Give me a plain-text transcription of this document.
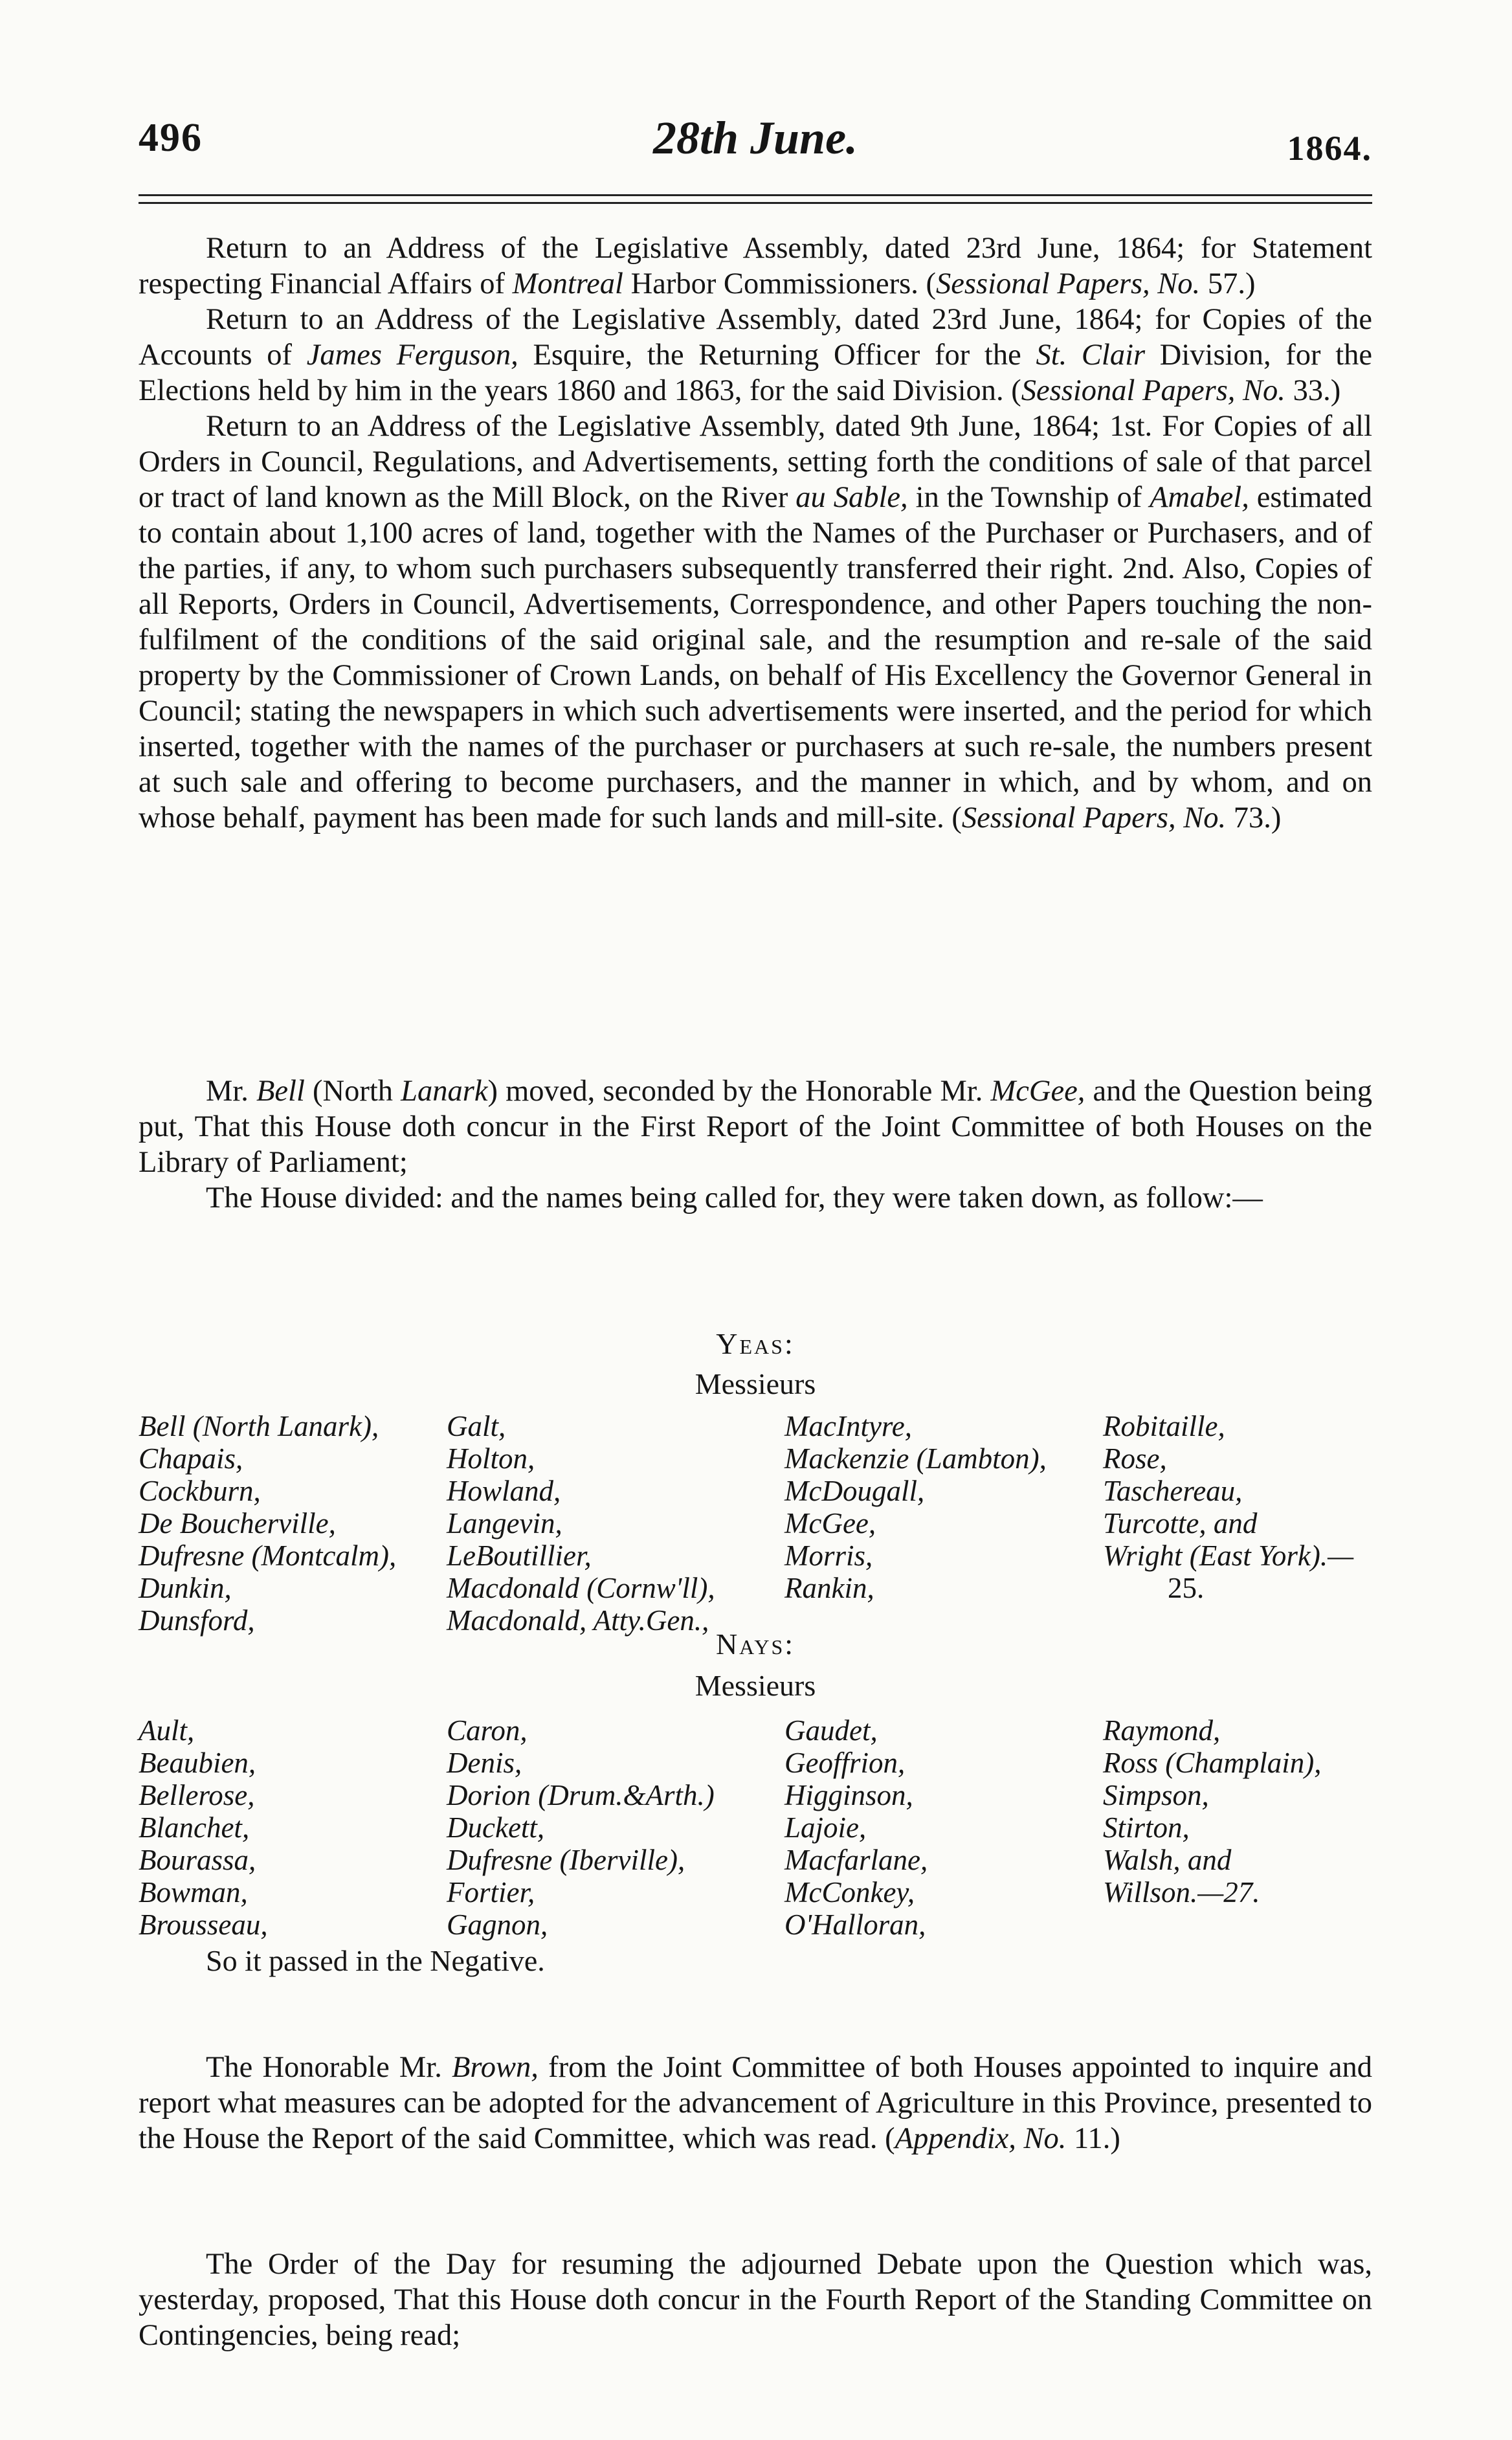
496	28th June.	1864.

Return to an Address of the Legislative Assembly, dated 23rd June, 1864; for Statement respecting Financial Affairs of Montreal Harbor Commissioners. (Sessional Papers, No. 57.)

Return to an Address of the Legislative Assembly, dated 23rd June, 1864; for Copies of the Accounts of James Ferguson, Esquire, the Returning Officer for the St. Clair Division, for the Elections held by him in the years 1860 and 1863, for the said Division. (Sessional Papers, No. 33.)

Return to an Address of the Legislative Assembly, dated 9th June, 1864; 1st. For Copies of all Orders in Council, Regulations, and Advertisements, setting forth the conditions of sale of that parcel or tract of land known as the Mill Block, on the River au Sable, in the Township of Amabel, estimated to contain about 1,100 acres of land, together with the Names of the Purchaser or Purchasers, and of the parties, if any, to whom such purchasers subsequently transferred their right. 2nd. Also, Copies of all Reports, Orders in Council, Advertisements, Correspondence, and other Papers touching the non-fulfilment of the conditions of the said original sale, and the resumption and re-sale of the said property by the Commissioner of Crown Lands, on behalf of His Excellency the Governor General in Council; stating the newspapers in which such advertisements were inserted, and the period for which inserted, together with the names of the purchaser or purchasers at such re-sale, the numbers present at such sale and offering to become purchasers, and the manner in which, and by whom, and on whose behalf, payment has been made for such lands and mill-site. (Sessional Papers, No. 73.)

Mr. Bell (North Lanark) moved, seconded by the Honorable Mr. McGee, and the Question being put, That this House doth concur in the First Report of the Joint Committee of both Houses on the Library of Parliament;

The House divided: and the names being called for, they were taken down, as follow:—

Yeas:
Messieurs
Bell (North Lanark),
Chapais,
Cockburn,
De Boucherville,
Dufresne (Montcalm),
Dunkin,
Dunsford,
Galt,
Holton,
Howland,
Langevin,
LeBoutillier,
Macdonald (Cornw'll),
Macdonald, Atty.Gen.,
MacIntyre,
Mackenzie (Lambton),
McDougall,
McGee,
Morris,
Rankin,
Robitaille,
Rose,
Taschereau,
Turcotte, and
Wright (East York).—
25.
Nays:
Messieurs
Ault,
Beaubien,
Bellerose,
Blanchet,
Bourassa,
Bowman,
Brousseau,
Caron,
Denis,
Dorion (Drum.&Arth.)
Duckett,
Dufresne (Iberville),
Fortier,
Gagnon,
Gaudet,
Geoffrion,
Higginson,
Lajoie,
Macfarlane,
McConkey,
O'Halloran,
Raymond,
Ross (Champlain),
Simpson,
Stirton,
Walsh, and
Willson.—27.
So it passed in the Negative.

The Honorable Mr. Brown, from the Joint Committee of both Houses appointed to inquire and report what measures can be adopted for the advancement of Agriculture in this Province, presented to the House the Report of the said Committee, which was read. (Appendix, No. 11.)

The Order of the Day for resuming the adjourned Debate upon the Question which was, yesterday, proposed, That this House doth concur in the Fourth Report of the Standing Committee on Contingencies, being read;
